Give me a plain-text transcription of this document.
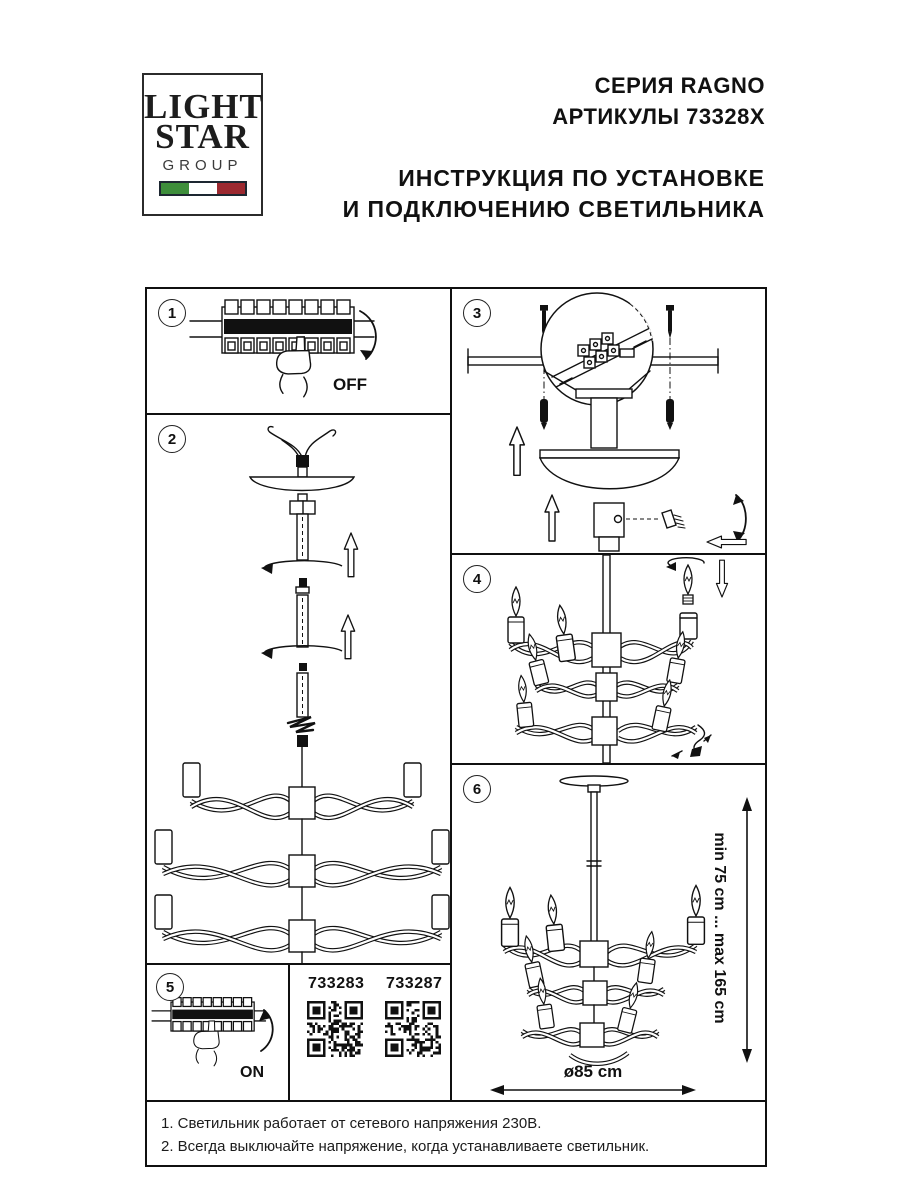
LIGHT
STAR
GROUP
СЕРИЯ RAGNO
АРТИКУЛЫ 73328X
ИНСТРУКЦИЯ ПО УСТАНОВКЕ
И ПОДКЛЮЧЕНИЮ СВЕТИЛЬНИКА
1
OFF
2
5
ON
733283 733287
3
4
6
min 75 cm ... max 165 cm
ø85 cm
1. Светильник работает от сетевого напряжения 230В.
2. Всегда выключайте напряжение, когда устанавливаете светильник.
